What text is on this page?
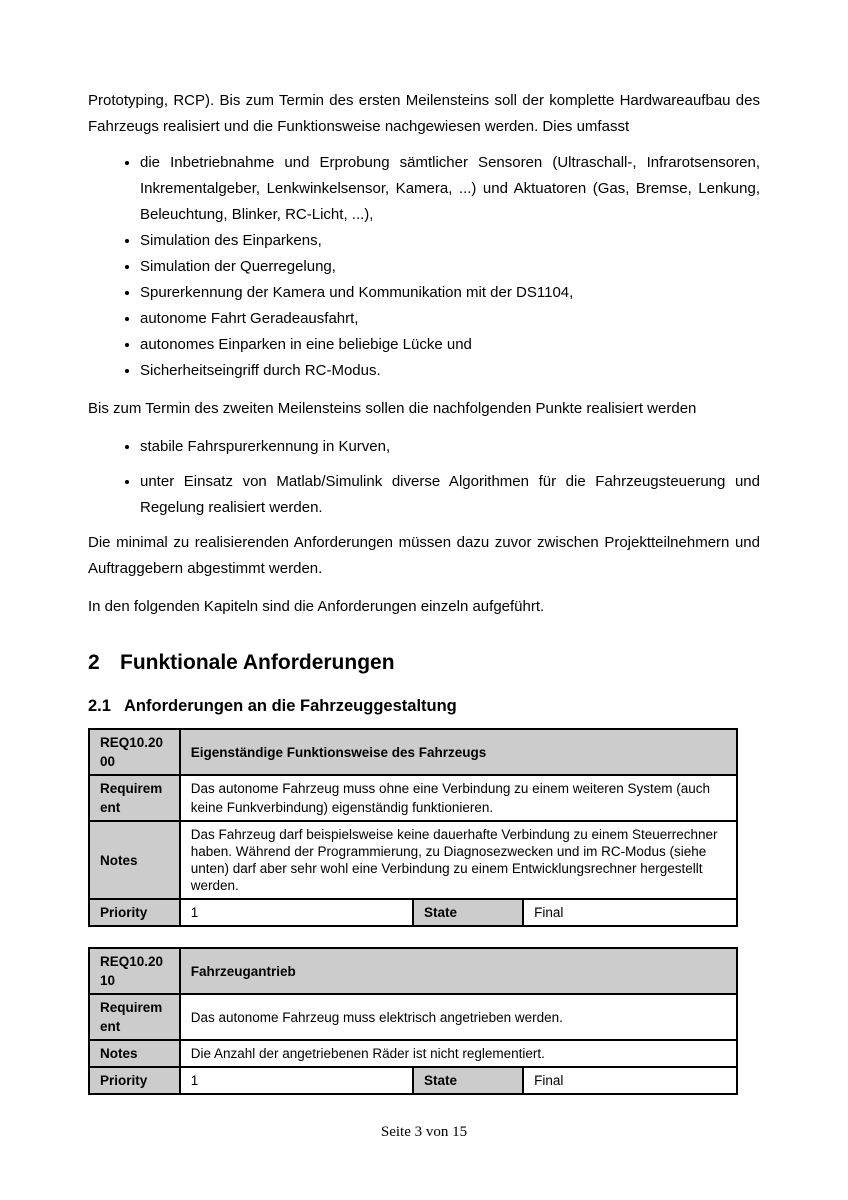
Prototyping, RCP). Bis zum Termin des ersten Meilensteins soll der komplette Hardwareaufbau des Fahrzeugs realisiert und die Funktionsweise nachgewiesen werden. Dies umfasst

• die Inbetriebnahme und Erprobung sämtlicher Sensoren (Ultraschall-, Infrarotsensoren, Inkrementalgeber, Lenkwinkelsensor, Kamera, ...) und Aktuatoren (Gas, Bremse, Lenkung, Beleuchtung, Blinker, RC-Licht, ...),
• Simulation des Einparkens,
• Simulation der Querregelung,
• Spurerkennung der Kamera und Kommunikation mit der DS1104,
• autonome Fahrt Geradeausfahrt,
• autonomes Einparken in eine beliebige Lücke und
• Sicherheitseingriff durch RC-Modus.

Bis zum Termin des zweiten Meilensteins sollen die nachfolgenden Punkte realisiert werden

• stabile Fahrspurerkennung in Kurven,
• unter Einsatz von Matlab/Simulink diverse Algorithmen für die Fahrzeugsteuerung und Regelung realisiert werden.

Die minimal zu realisierenden Anforderungen müssen dazu zuvor zwischen Projektteilnehmern und Auftraggebern abgestimmt werden.

In den folgenden Kapiteln sind die Anforderungen einzeln aufgeführt.

2 Funktionale Anforderungen
2.1 Anforderungen an die Fahrzeuggestaltung
REQ10.2000	Eigenständige Funktionsweise des Fahrzeugs		
Requirement	Das autonome Fahrzeug muss ohne eine Verbindung zu einem weiteren System (auch keine Funkverbindung) eigenständig funktionieren.		
Notes	Das Fahrzeug darf beispielsweise keine dauerhafte Verbindung zu einem Steuerrechner haben. Während der Programmierung, zu Diagnosezwecken und im RC-Modus (siehe unten) darf aber sehr wohl eine Verbindung zu einem Entwicklungsrechner hergestellt werden.		
Priority	1	State	Final
REQ10.2010	Fahrzeugantrieb		
Requirement	Das autonome Fahrzeug muss elektrisch angetrieben werden.		
Notes	Die Anzahl der angetriebenen Räder ist nicht reglementiert.		
Priority	1	State	Final
Seite 3 von 15
